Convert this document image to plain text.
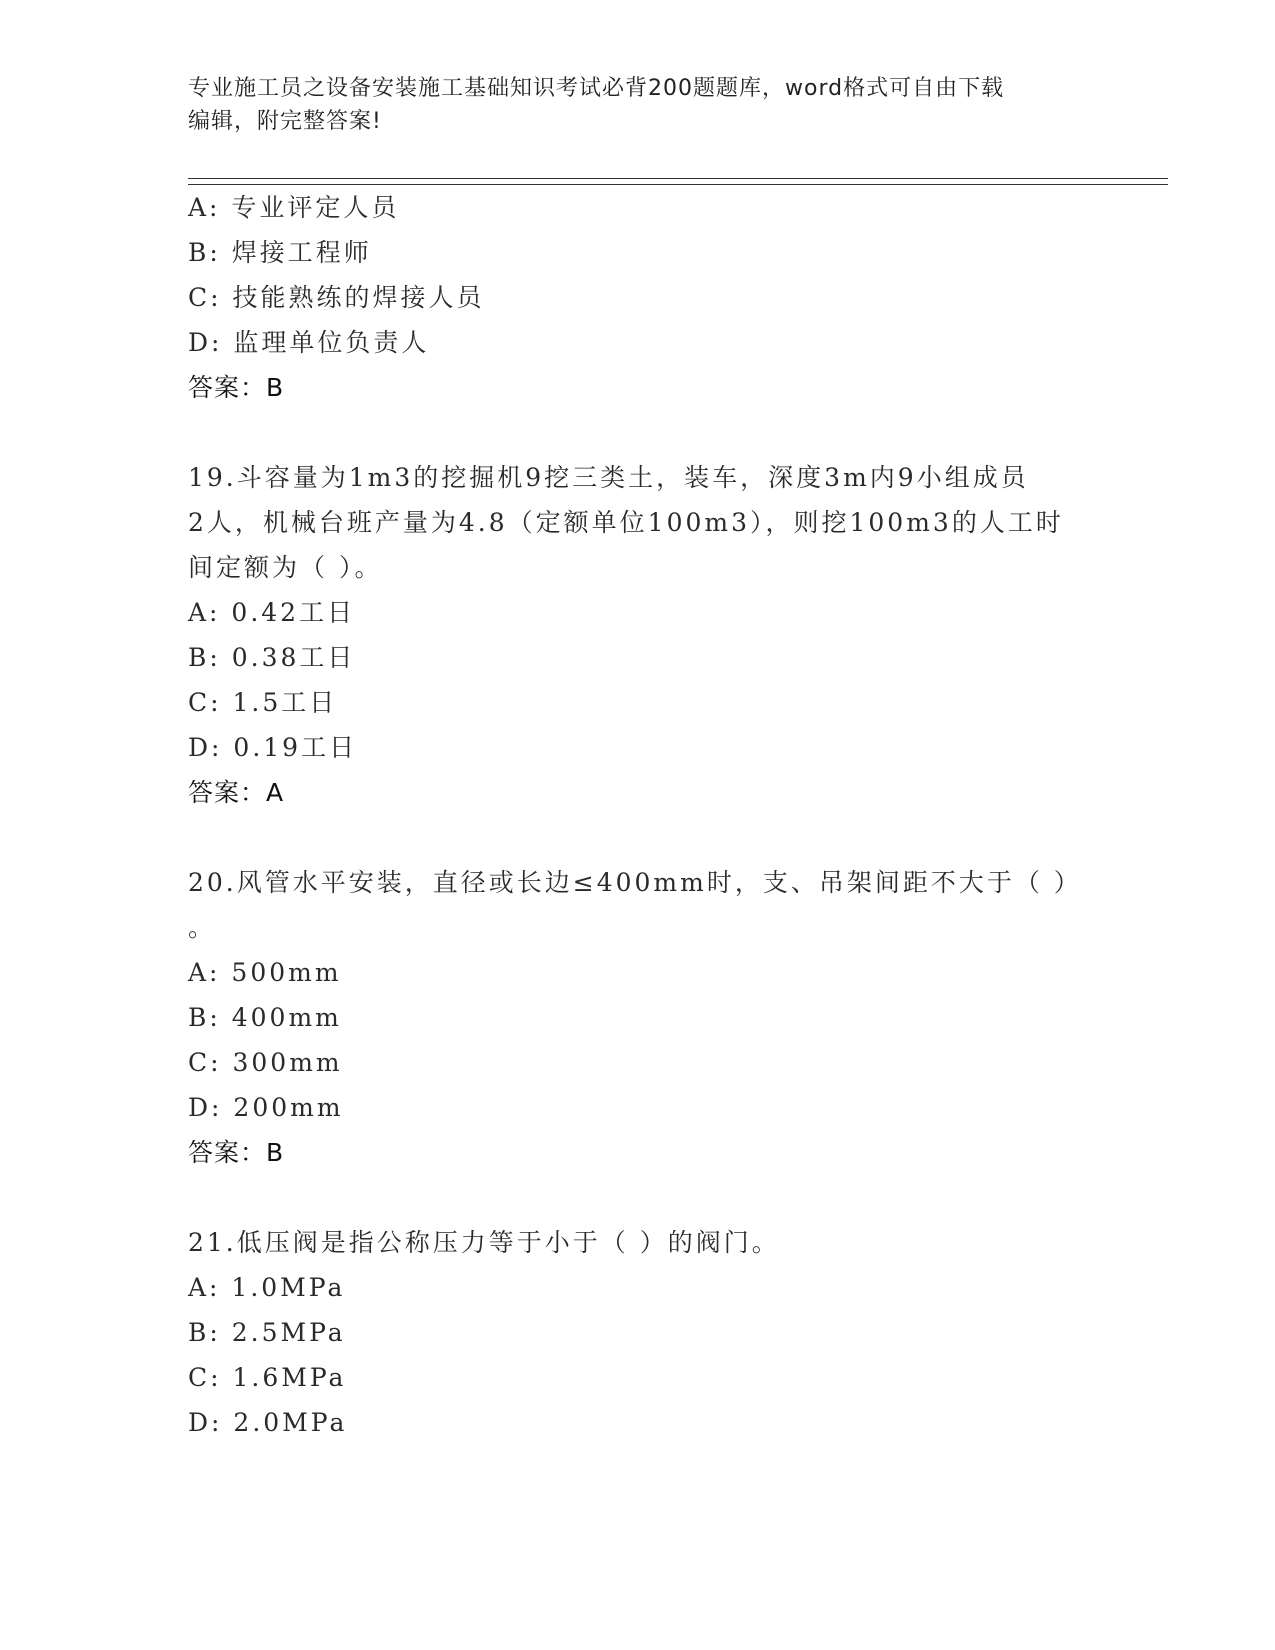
专业施工员之设备安装施工基础知识考试必背200题题库，word格式可自由下载
编辑，附完整答案!
A: 专业评定人员
B: 焊接工程师
C: 技能熟练的焊接人员
D: 监理单位负责人
答案：B
19.斗容量为1m3的挖掘机9挖三类土，装车，深度3m内9小组成员
2人，机械台班产量为4.8（定额单位100m3），则挖100m3的人工时
间定额为（ ）。
A: 0.42工日
B: 0.38工日
C: 1.5工日
D: 0.19工日
答案：A
20.风管水平安装，直径或长边≤400mm时，支、吊架间距不大于（ ）
。
A: 500mm
B: 400mm
C: 300mm
D: 200mm
答案：B
21.低压阀是指公称压力等于小于（ ）的阀门。
A: 1.0MPa
B: 2.5MPa
C: 1.6MPa
D: 2.0MPa
